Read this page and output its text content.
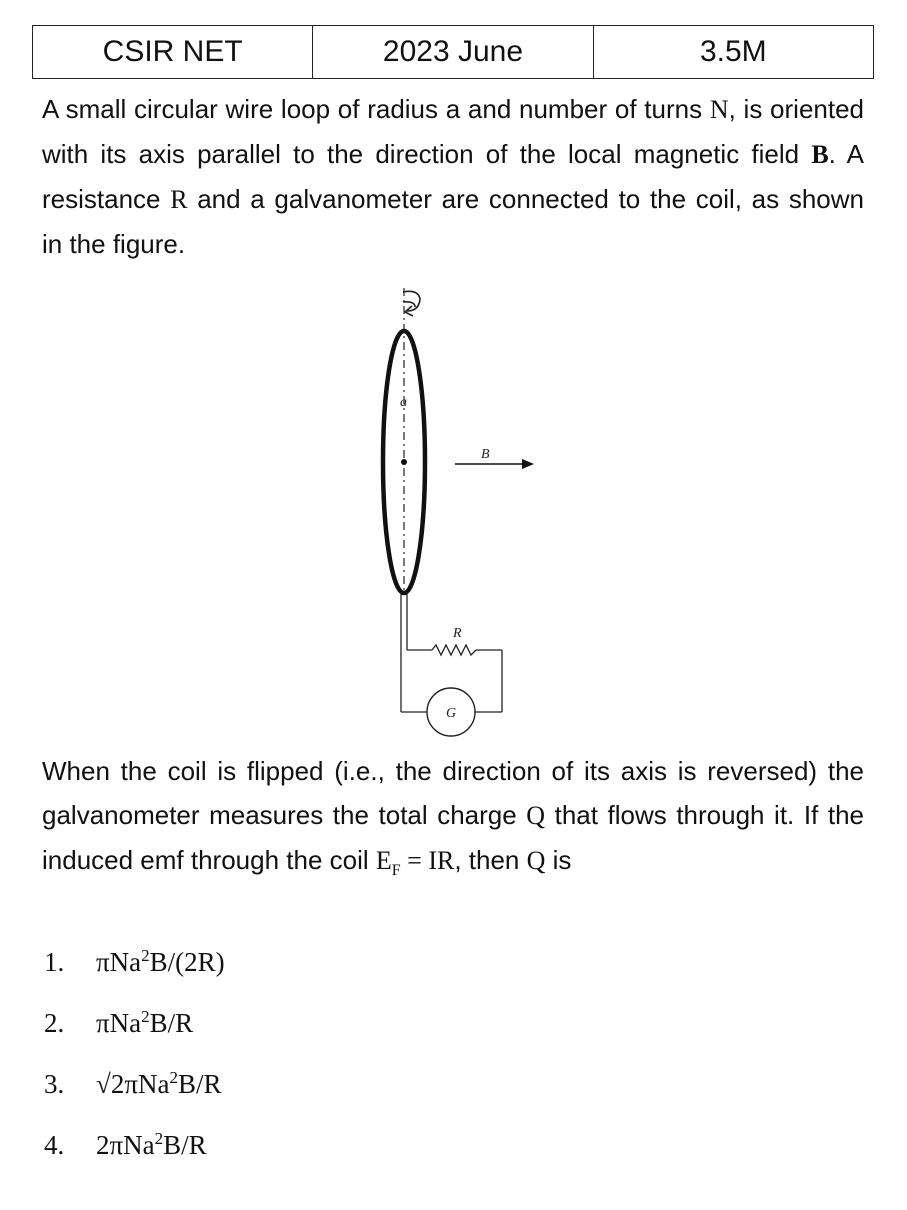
CSIR NET	2023 June	3.5M

A small circular wire loop of radius a and number of turns N, is oriented with its axis parallel to the direction of the local magnetic field B. A resistance R and a galvanometer are connected to the coil, as shown in the figure.

a
B
R
G

When the coil is flipped (i.e., the direction of its axis is reversed) the galvanometer measures the total charge Q that flows through it. If the induced emf through the coil $E_F$ = IR, then Q is

1. πNa$^2$B/(2R)
2. πNa$^2$B/R
3. √2πNa$^2$B/R
4. 2πNa$^2$B/R
